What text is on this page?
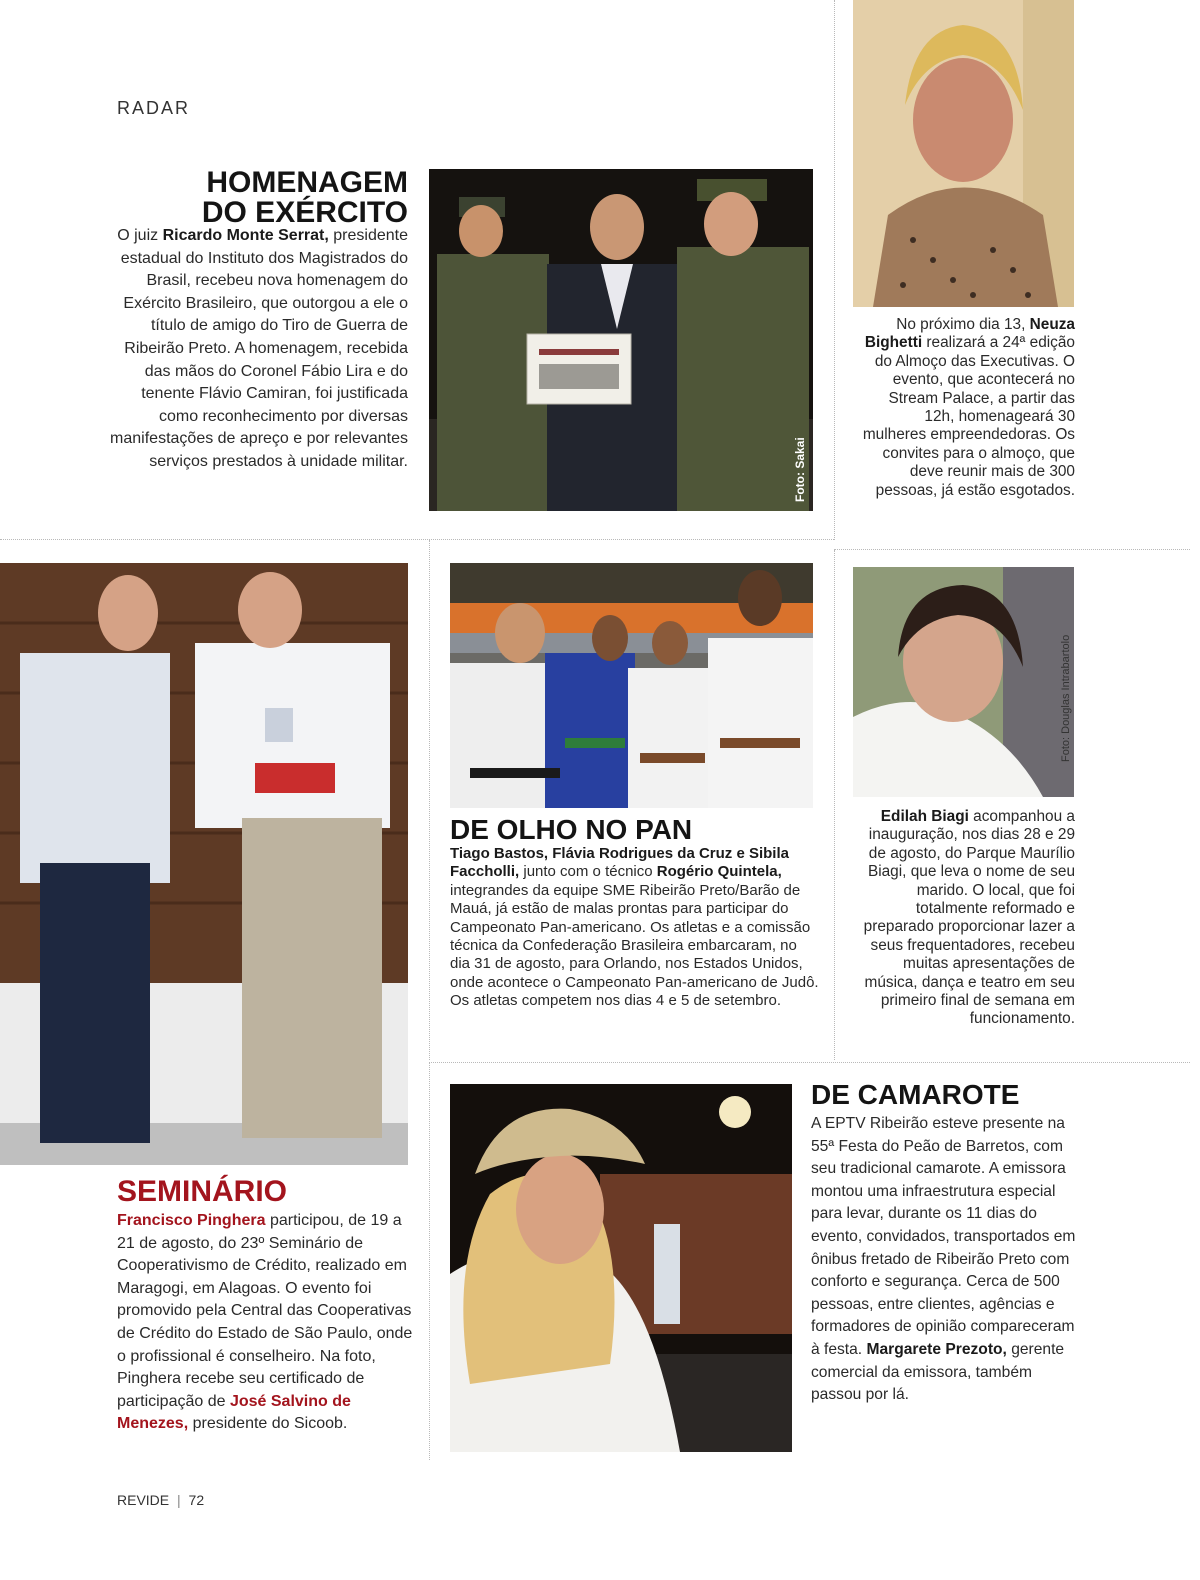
RADAR
HOMENAGEM
DO EXÉRCITO
O juiz Ricardo Monte Serrat, presidente estadual do Instituto dos Magistrados do Brasil, recebeu nova homenagem do Exército Brasileiro, que outorgou a ele o título de amigo do Tiro de Guerra de Ribeirão Preto. A homenagem, recebida das mãos do Coronel Fábio Lira e do tenente Flávio Camiran, foi justificada como reconhecimento por diversas manifestações de apreço e por relevantes serviços prestados à unidade militar.	Foto: Sakai
No próximo dia 13, Neuza Bighetti realizará a 24ª edição do Almoço das Executivas. O evento, que acontecerá no Stream Palace, a partir das 12h, homenageará 30 mulheres empreendedoras. Os convites para o almoço, que deve reunir mais de 300 pessoas, já estão esgotados.
SEMINÁRIO
Francisco Pinghera participou, de 19 a 21 de agosto, do 23º Seminário de Cooperativismo de Crédito, realizado em Maragogi, em Alagoas. O evento foi promovido pela Central das Cooperativas de Crédito do Estado de São Paulo, onde o profissional é conselheiro. Na foto, Pinghera recebe seu certificado de participação de José Salvino de Menezes, presidente do Sicoob.
DE OLHO NO PAN
Tiago Bastos, Flávia Rodrigues da Cruz e Sibila Faccholli, junto com o técnico Rogério Quintela, integrandes da equipe SME Ribeirão Preto/Barão de Mauá, já estão de malas prontas para participar do Campeonato Pan-americano. Os atletas e a comissão técnica da Confederação Brasileira embarcaram, no dia 31 de agosto, para Orlando, nos Estados Unidos, onde acontece o Campeonato Pan-americano de Judô. Os atletas competem nos dias 4 e 5 de setembro.
Foto: Douglas Intrabartolo
Edilah Biagi acompanhou a inauguração, nos dias 28 e 29 de agosto, do Parque Maurílio Biagi, que leva o nome de seu marido. O local, que foi totalmente reformado e preparado proporcionar lazer a seus frequentadores, recebeu muitas apresentações de música, dança e teatro em seu primeiro final de semana em funcionamento.
DE CAMAROTE
A EPTV Ribeirão esteve presente na 55ª Festa do Peão de Barretos, com seu tradicional camarote. A emissora montou uma infraestrutura especial para levar, durante os 11 dias do evento, convidados, transportados em ônibus fretado de Ribeirão Preto com conforto e segurança. Cerca de 500 pessoas, entre clientes, agências e formadores de opinião compareceram à festa. Margarete Prezoto, gerente comercial da emissora, também passou por lá.
REVIDE | 72
